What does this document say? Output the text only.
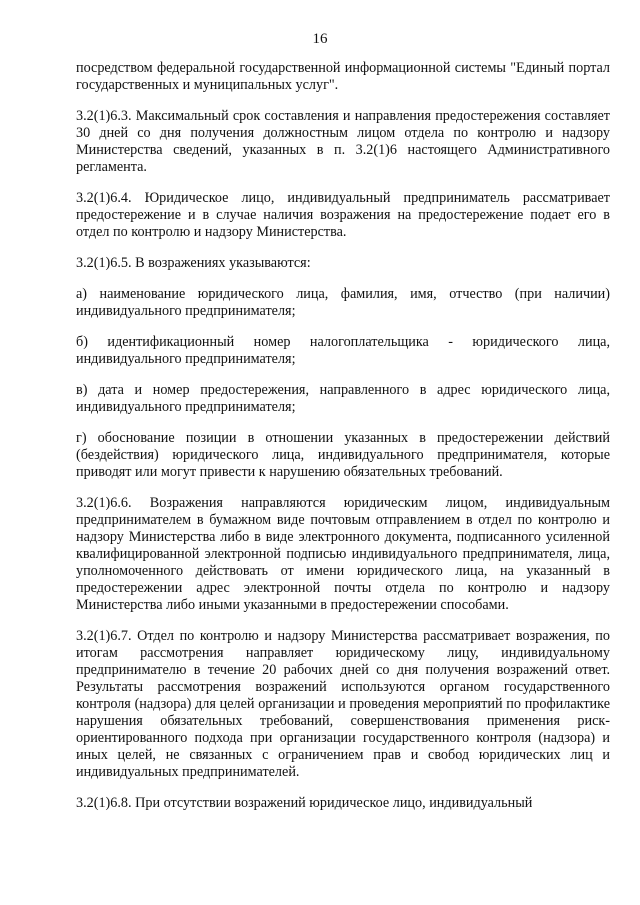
16

посредством федеральной государственной информационной системы "Единый портал государственных и муниципальных услуг".

3.2(1)6.3. Максимальный срок составления и направления предостережения составляет 30 дней со дня получения должностным лицом отдела по контролю и надзору Министерства сведений, указанных в п. 3.2(1)6 настоящего Административного регламента.

3.2(1)6.4. Юридическое лицо, индивидуальный предприниматель рассматривает предостережение и в случае наличия возражения на предостережение подает его в отдел по контролю и надзору Министерства.

3.2(1)6.5. В возражениях указываются:

а) наименование юридического лица, фамилия, имя, отчество (при наличии) индивидуального предпринимателя;

б) идентификационный номер налогоплательщика - юридического лица, индивидуального предпринимателя;

в) дата и номер предостережения, направленного в адрес юридического лица, индивидуального предпринимателя;

г) обоснование позиции в отношении указанных в предостережении действий (бездействия) юридического лица, индивидуального предпринимателя, которые приводят или могут привести к нарушению обязательных требований.

3.2(1)6.6. Возражения направляются юридическим лицом, индивидуальным предпринимателем в бумажном виде почтовым отправлением в отдел по контролю и надзору Министерства либо в виде электронного документа, подписанного усиленной квалифицированной электронной подписью индивидуального предпринимателя, лица, уполномоченного действовать от имени юридического лица, на указанный в предостережении адрес электронной почты отдела по контролю и надзору Министерства либо иными указанными в предостережении способами.

3.2(1)6.7. Отдел по контролю и надзору Министерства рассматривает возражения, по итогам рассмотрения направляет юридическому лицу, индивидуальному предпринимателю в течение 20 рабочих дней со дня получения возражений ответ. Результаты рассмотрения возражений используются органом государственного контроля (надзора) для целей организации и проведения мероприятий по профилактике нарушения обязательных требований, совершенствования применения риск-ориентированного подхода при организации государственного контроля (надзора) и иных целей, не связанных с ограничением прав и свобод юридических лиц и индивидуальных предпринимателей.

3.2(1)6.8. При отсутствии возражений юридическое лицо, индивидуальный
